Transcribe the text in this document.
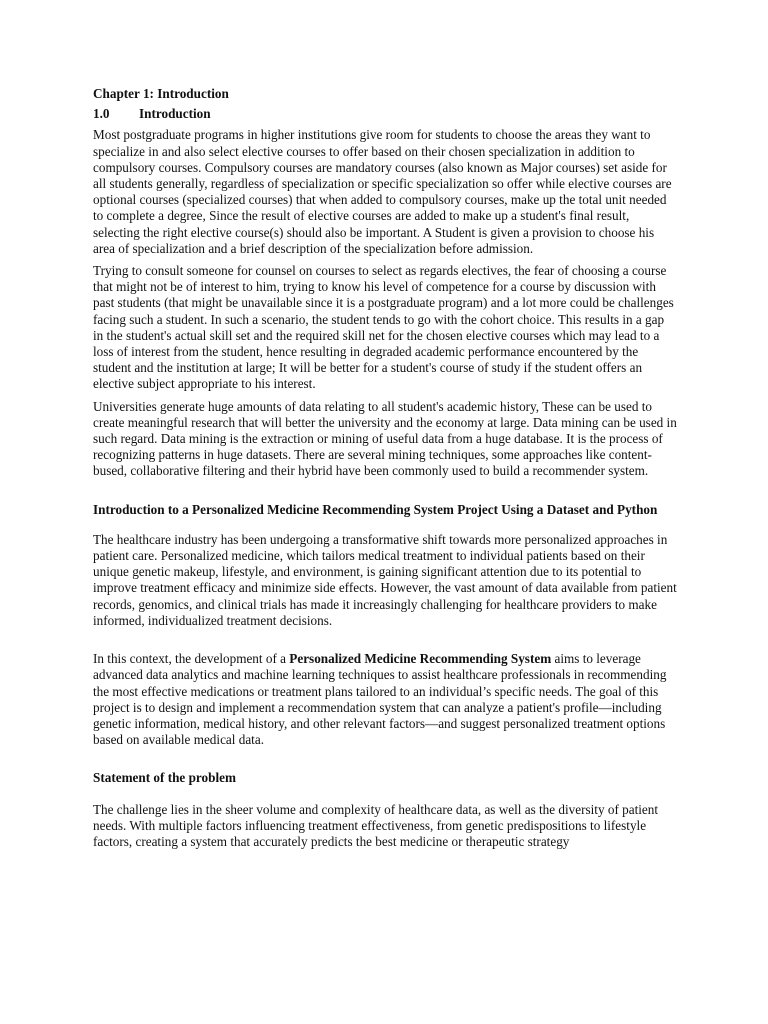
Chapter 1: Introduction

1.0 Introduction

Most postgraduate programs in higher institutions give room for students to choose the areas they want to specialize in and also select elective courses to offer based on their chosen specialization in addition to compulsory courses. Compulsory courses are mandatory courses (also known as Major courses) set aside for all students generally, regardless of specialization or specific specialization so offer while elective courses are optional courses (specialized courses) that when added to compulsory courses, make up the total unit needed to complete a degree, Since the result of elective courses are added to make up a student's final result, selecting the right elective course(s) should also be important. A Student is given a provision to choose his area of specialization and a brief description of the specialization before admission.

Trying to consult someone for counsel on courses to select as regards electives, the fear of choosing a course that might not be of interest to him, trying to know his level of competence for a course by discussion with past students (that might be unavailable since it is a postgraduate program) and a lot more could be challenges facing such a student. In such a scenario, the student tends to go with the cohort choice. This results in a gap in the student's actual skill set and the required skill net for the chosen elective courses which may lead to a loss of interest from the student, hence resulting in degraded academic performance encountered by the student and the institution at large; It will be better for a student's course of study if the student offers an elective subject appropriate to his interest.

Universities generate huge amounts of data relating to all student's academic history, These can be used to create meaningful research that will better the university and the economy at large. Data mining can be used in such regard. Data mining is the extraction or mining of useful data from a huge database. It is the process of recognizing patterns in huge datasets. There are several mining techniques, some approaches like content-bused, collaborative filtering and their hybrid have been commonly used to build a recommender system.

Introduction to a Personalized Medicine Recommending System Project Using a Dataset and Python

The healthcare industry has been undergoing a transformative shift towards more personalized approaches in patient care. Personalized medicine, which tailors medical treatment to individual patients based on their unique genetic makeup, lifestyle, and environment, is gaining significant attention due to its potential to improve treatment efficacy and minimize side effects. However, the vast amount of data available from patient records, genomics, and clinical trials has made it increasingly challenging for healthcare providers to make informed, individualized treatment decisions.

In this context, the development of a Personalized Medicine Recommending System aims to leverage advanced data analytics and machine learning techniques to assist healthcare professionals in recommending the most effective medications or treatment plans tailored to an individual’s specific needs. The goal of this project is to design and implement a recommendation system that can analyze a patient's profile—including genetic information, medical history, and other relevant factors—and suggest personalized treatment options based on available medical data.

Statement of the problem

The challenge lies in the sheer volume and complexity of healthcare data, as well as the diversity of patient needs. With multiple factors influencing treatment effectiveness, from genetic predispositions to lifestyle factors, creating a system that accurately predicts the best medicine or therapeutic strategy
